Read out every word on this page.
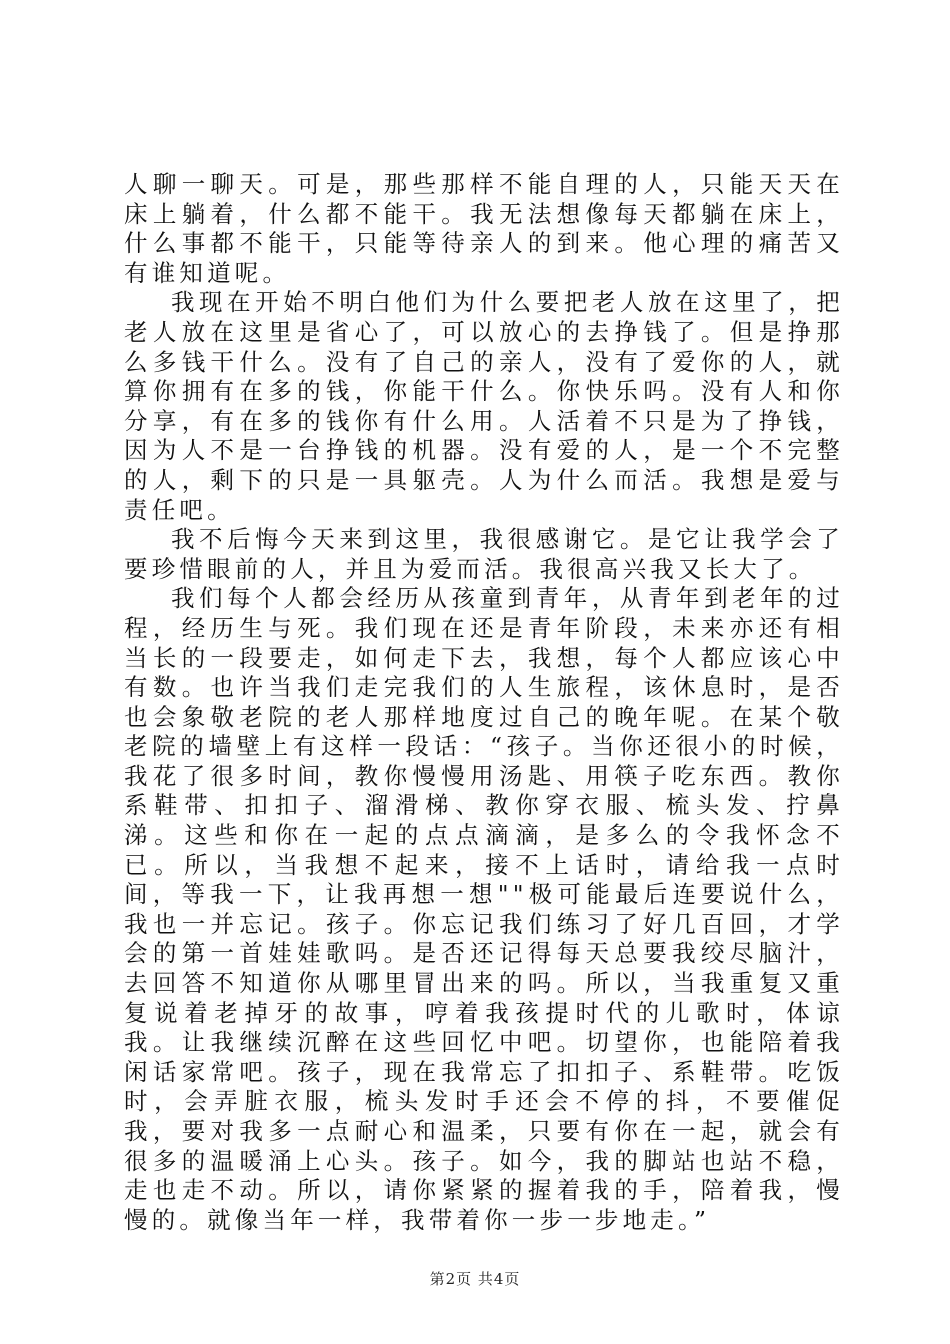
人聊一聊天。可是，那些那样不能自理的人，只能天天在床上躺着，什么都不能干。我无法想像每天都躺在床上，什么事都不能干，只能等待亲人的到来。他心理的痛苦又有谁知道呢。

我现在开始不明白他们为什么要把老人放在这里了，把老人放在这里是省心了，可以放心的去挣钱了。但是挣那么多钱干什么。没有了自己的亲人，没有了爱你的人，就算你拥有在多的钱，你能干什么。你快乐吗。没有人和你分享，有在多的钱你有什么用。人活着不只是为了挣钱，因为人不是一台挣钱的机器。没有爱的人，是一个不完整的人，剩下的只是一具躯壳。人为什么而活。我想是爱与责任吧。

我不后悔今天来到这里，我很感谢它。是它让我学会了要珍惜眼前的人，并且为爱而活。我很高兴我又长大了。

我们每个人都会经历从孩童到青年，从青年到老年的过程，经历生与死。我们现在还是青年阶段，未来亦还有相当长的一段要走，如何走下去，我想，每个人都应该心中有数。也许当我们走完我们的人生旅程，该休息时，是否也会象敬老院的老人那样地度过自己的晚年呢。在某个敬老院的墙壁上有这样一段话：“孩子。当你还很小的时候，我花了很多时间，教你慢慢用汤匙、用筷子吃东西。教你系鞋带、扣扣子、溜滑梯、教你穿衣服、梳头发、拧鼻涕。这些和你在一起的点点滴滴，是多么的令我怀念不已。所以，当我想不起来，接不上话时，请给我一点时间，等我一下，让我再想一想""极可能最后连要说什么，我也一并忘记。孩子。你忘记我们练习了好几百回，才学会的第一首娃娃歌吗。是否还记得每天总要我绞尽脑汁，去回答不知道你从哪里冒出来的吗。所以，当我重复又重复说着老掉牙的故事，哼着我孩提时代的儿歌时，体谅我。让我继续沉醉在这些回忆中吧。切望你，也能陪着我闲话家常吧。孩子，现在我常忘了扣扣子、系鞋带。吃饭时，会弄脏衣服，梳头发时手还会不停的抖，不要催促我，要对我多一点耐心和温柔，只要有你在一起，就会有很多的温暖涌上心头。孩子。如今，我的脚站也站不稳，走也走不动。所以，请你紧紧的握着我的手，陪着我，慢慢的。就像当年一样，我带着你一步一步地走。”

第2页 共4页
